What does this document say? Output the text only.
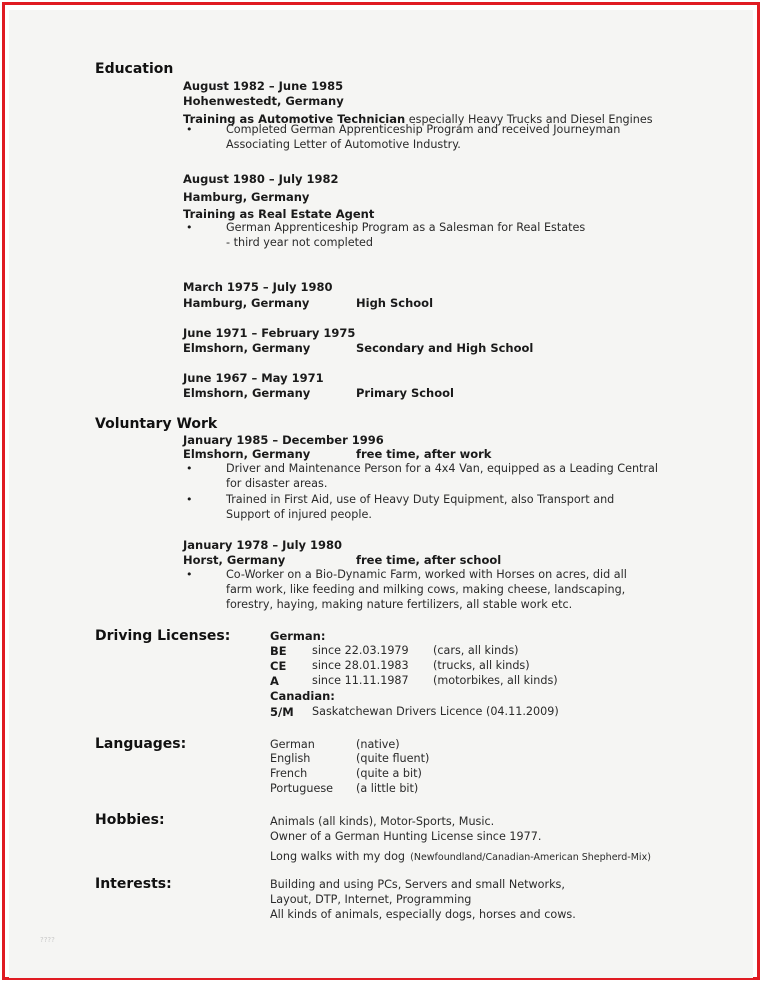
Education
August 1982 – June 1985
Hohenwestedt, Germany
Training as Automotive Technician especially Heavy Trucks and Diesel Engines
•	Completed German Apprenticeship Program and received Journeyman
Associating Letter of Automotive Industry.
August 1980 – July 1982
Hamburg, Germany
Training as Real Estate Agent
•	German Apprenticeship Program as a Salesman for Real Estates
- third year not completed
March 1975 – July 1980
Hamburg, Germany	High School
June 1971 – February 1975
Elmshorn, Germany	Secondary and High School
June 1967 – May 1971
Elmshorn, Germany	Primary School
Voluntary Work
January 1985 – December 1996
Elmshorn, Germany	free time, after work
•	Driver and Maintenance Person for a 4x4 Van, equipped as a Leading Central
for disaster areas.
•	Trained in First Aid, use of Heavy Duty Equipment, also Transport and
Support of injured people.
January 1978 – July 1980
Horst, Germany	free time, after school
•	Co-Worker on a Bio-Dynamic Farm, worked with Horses on acres, did all
farm work, like feeding and milking cows, making cheese, landscaping,
forestry, haying, making nature fertilizers, all stable work etc.
Driving Licenses:	German:
BE since 22.03.1979 (cars, all kinds)
CE since 28.01.1983 (trucks, all kinds)
A	since 11.11.1987 (motorbikes, all kinds)
Canadian:
5/M Saskatchewan Drivers Licence (04.11.2009)
Languages:	German	(native)
English	(quite fluent)
French	(quite a bit)
Portuguese (a little bit)
Hobbies:	Animals (all kinds), Motor-Sports, Music.
Owner of a German Hunting License since 1977.
Long walks with my dog (Newfoundland/Canadian-American Shepherd-Mix)
Interests:	Building and using PCs, Servers and small Networks,
Layout, DTP, Internet, Programming
All kinds of animals, especially dogs, horses and cows.
????
